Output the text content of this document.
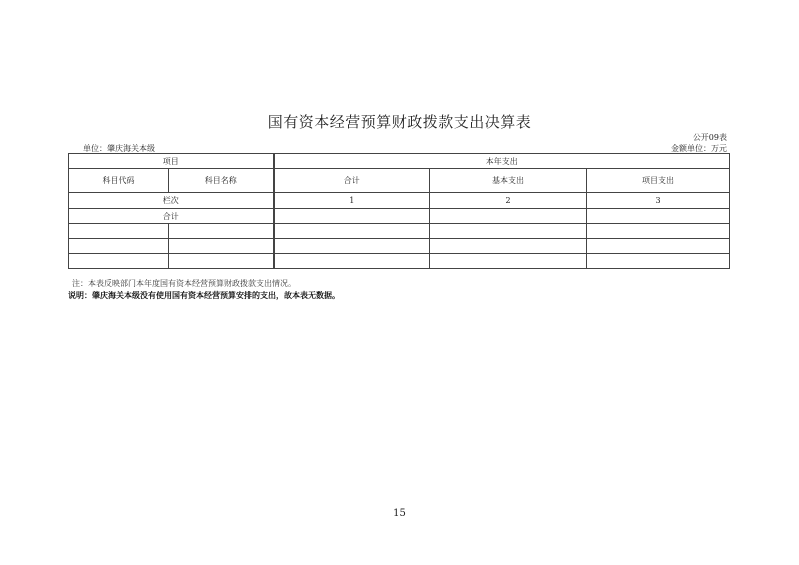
国有资本经营预算财政拨款支出决算表
公开09表
单位：肇庆海关本级	金额单位：万元
项目		本年支出		
科目代码	科目名称	合计	基本支出	项目支出
栏次		1	2	3
合计				

注：本表反映部门本年度国有资本经营预算财政拨款支出情况。
说明：肇庆海关本级没有使用国有资本经营预算安排的支出，故本表无数据。
15
